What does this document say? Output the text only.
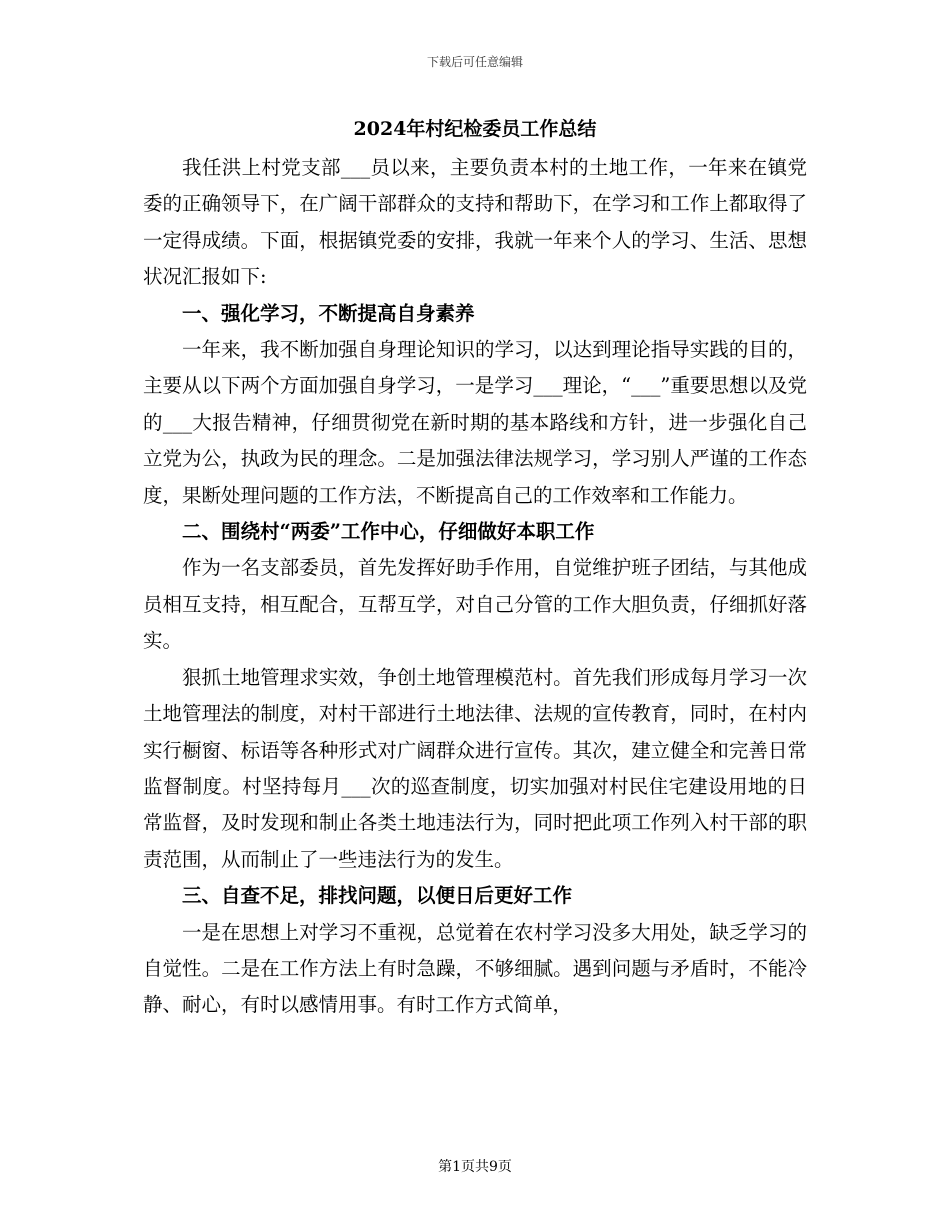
下载后可任意编辑
2024年村纪检委员工作总结

我任洪上村党支部___员以来，主要负责本村的土地工作，一年来在镇党委的正确领导下，在广阔干部群众的支持和帮助下，在学习和工作上都取得了一定得成绩。下面，根据镇党委的安排，我就一年来个人的学习、生活、思想状况汇报如下:

一、强化学习，不断提高自身素养

一年来，我不断加强自身理论知识的学习，以达到理论指导实践的目的，主要从以下两个方面加强自身学习，一是学习___理论，“___”重要思想以及党的___大报告精神，仔细贯彻党在新时期的基本路线和方针，进一步强化自己立党为公，执政为民的理念。二是加强法律法规学习，学习别人严谨的工作态度，果断处理问题的工作方法，不断提高自己的工作效率和工作能力。

二、围绕村“两委”工作中心，仔细做好本职工作

作为一名支部委员，首先发挥好助手作用，自觉维护班子团结，与其他成员相互支持，相互配合，互帮互学，对自己分管的工作大胆负责，仔细抓好落实。

狠抓土地管理求实效，争创土地管理模范村。首先我们形成每月学习一次土地管理法的制度，对村干部进行土地法律、法规的宣传教育，同时，在村内实行橱窗、标语等各种形式对广阔群众进行宣传。其次，建立健全和完善日常监督制度。村坚持每月___次的巡查制度，切实加强对村民住宅建设用地的日常监督，及时发现和制止各类土地违法行为，同时把此项工作列入村干部的职责范围，从而制止了一些违法行为的发生。

三、自查不足，排找问题，以便日后更好工作

一是在思想上对学习不重视，总觉着在农村学习没多大用处，缺乏学习的自觉性。二是在工作方法上有时急躁，不够细腻。遇到问题与矛盾时，不能冷静、耐心，有时以感情用事。有时工作方式简单，

第1页共9页
